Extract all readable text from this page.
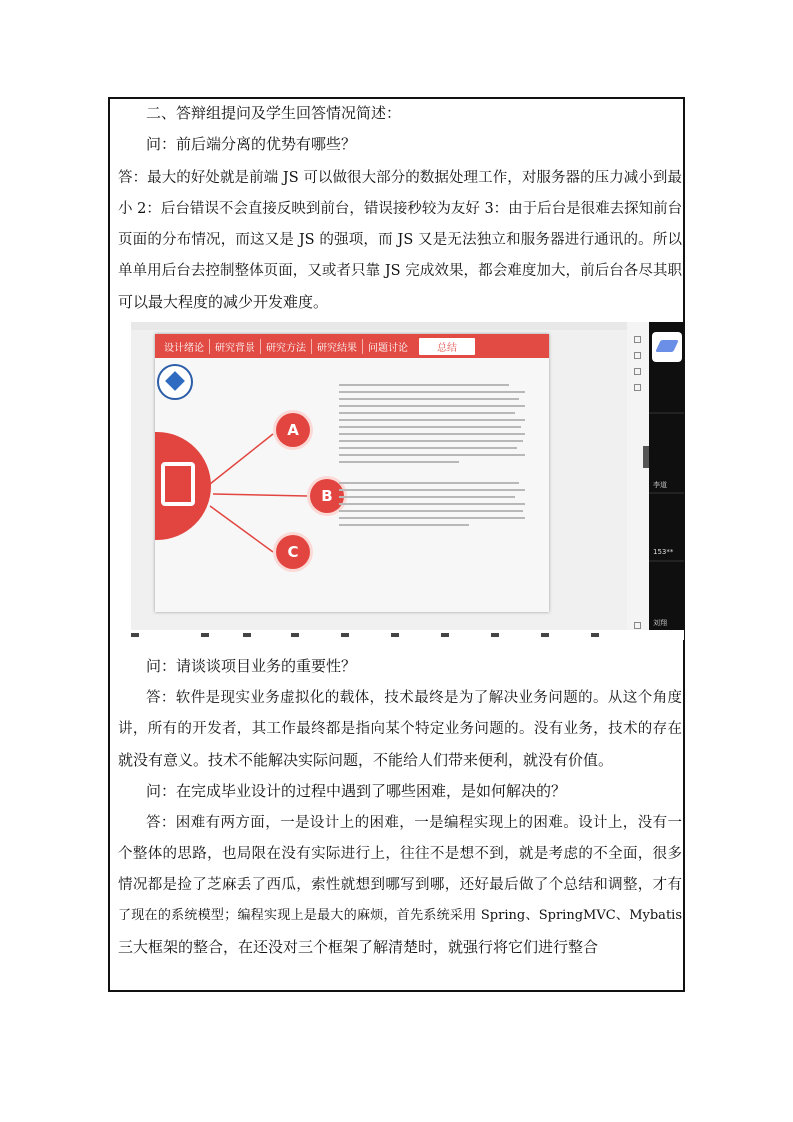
二、答辩组提问及学生回答情况简述：
问：前后端分离的优势有哪些？
答：最大的好处就是前端 JS 可以做很大部分的数据处理工作，对服务器的压力减小到最
小 2：后台错误不会直接反映到前台，错误接秒较为友好 3：由于后台是很难去探知前台
页面的分布情况，而这又是 JS 的强项，而 JS 又是无法独立和服务器进行通讯的。所以
单单用后台去控制整体页面，又或者只靠 JS 完成效果，都会难度加大，前后台各尽其职
可以最大程度的减少开发难度。
设计绪论	研究背景	研究方法	研究结果	问题讨论	总结
A
B
C
李道
153**
刘翔
问：请谈谈项目业务的重要性？
答：软件是现实业务虚拟化的载体，技术最终是为了解决业务问题的。从这个角度
讲，所有的开发者，其工作最终都是指向某个特定业务问题的。没有业务，技术的存在
就没有意义。技术不能解决实际问题，不能给人们带来便利，就没有价值。
问：在完成毕业设计的过程中遇到了哪些困难，是如何解决的？
答：困难有两方面，一是设计上的困难，一是编程实现上的困难。设计上，没有一
个整体的思路，也局限在没有实际进行上，往往不是想不到，就是考虑的不全面，很多
情况都是捡了芝麻丢了西瓜，索性就想到哪写到哪，还好最后做了个总结和调整，才有
了现在的系统模型；编程实现上是最大的麻烦，首先系统采用 Spring、SpringMVC、Mybatis
三大框架的整合，在还没对三个框架了解清楚时，就强行将它们进行整合
